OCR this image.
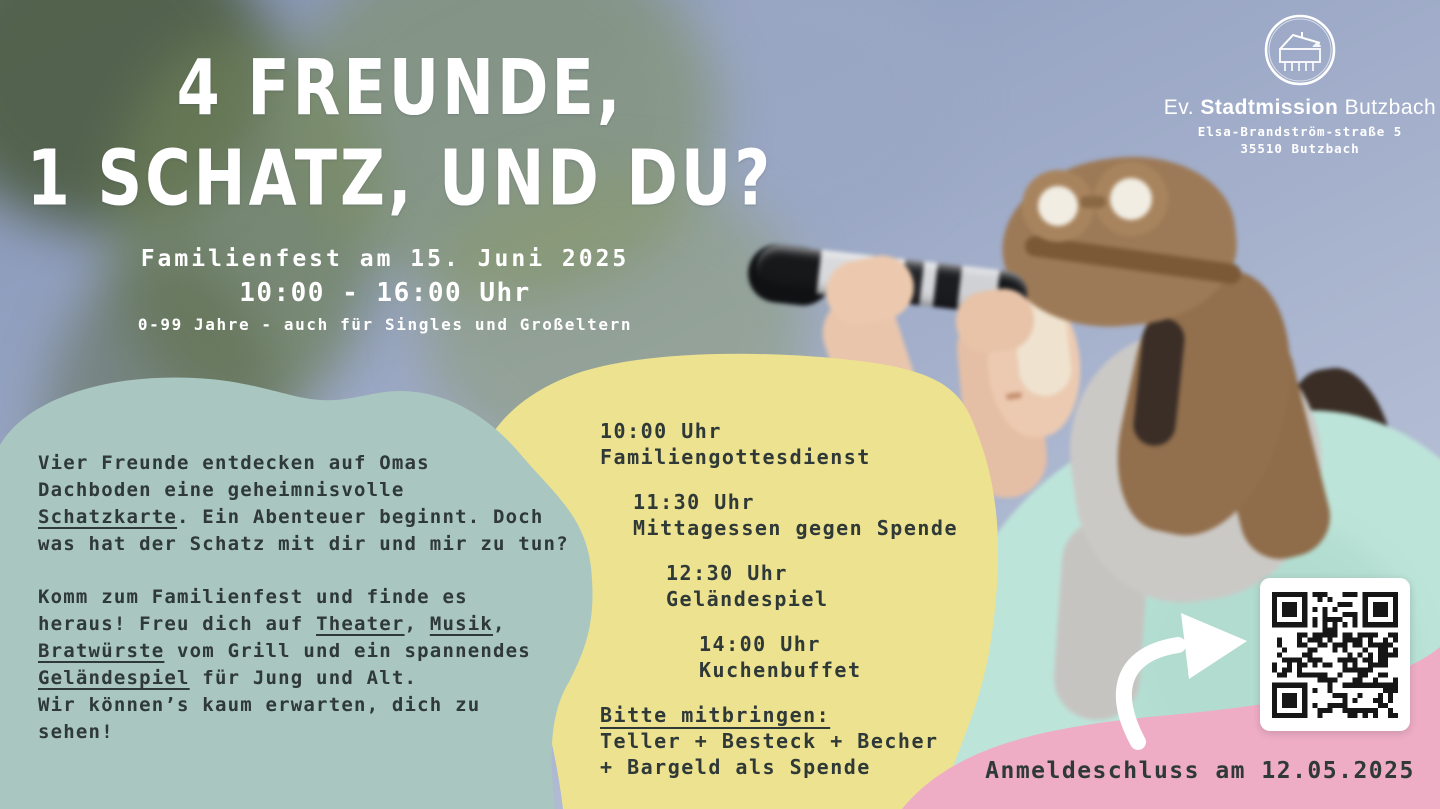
4 FREUNDE,
1 SCHATZ, UND DU?
Familienfest am 15. Juni 2025
10:00 - 16:00 Uhr
0-99 Jahre - auch für Singles und Großeltern
Ev. Stadtmission Butzbach
Elsa-Brandström-straße 5
35510 Butzbach
Vier Freunde entdecken auf Omas
Dachboden eine geheimnisvolle
Schatzkarte. Ein Abenteuer beginnt. Doch
was hat der Schatz mit dir und mir zu tun?
Komm zum Familienfest und finde es
heraus! Freu dich auf Theater, Musik,
Bratwürste vom Grill und ein spannendes
Geländespiel für Jung und Alt.
Wir können’s kaum erwarten, dich zu
sehen!
10:00 Uhr
Familiengottesdienst
11:30 Uhr
Mittagessen gegen Spende
12:30 Uhr
Geländespiel
14:00 Uhr
Kuchenbuffet
Bitte mitbringen:
Teller + Besteck + Becher
+ Bargeld als Spende	Anmeldeschluss am 12.05.2025
